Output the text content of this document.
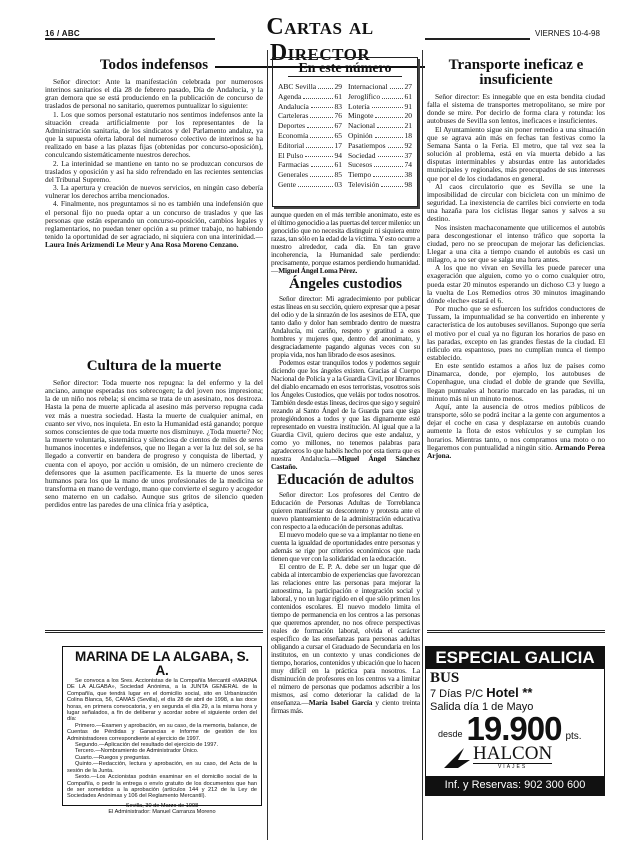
16 / ABC	Cartas al Director
VIERNES 10-4-98
Todos indefensos

Señor director: Ante la manifestación celebrada por numerosos interinos sanitarios el día 28 de febrero pasado, Día de Andalucía, y la gran demora que se está produciendo en la publicación de concurso de traslados de personal no sanitario, queremos puntualizar lo siguiente:

1. Los que somos personal estatutario nos sentimos indefensos ante la situación creada artificialmente por los representantes de la Administración sanitaria, de los sindicatos y del Parlamento andaluz, ya que la supuesta oferta laboral del numeroso colectivo de interinos se ha realizado en base a las plazas fijas (obtenidas por concurso-oposición), conculcando sistemáticamente nuestros derechos.

2. La interinidad se mantiene en tanto no se produzcan concursos de traslados y oposición y así ha sido refrendado en las recientes sentencias del Tribunal Supremo.

3. La apertura y creación de nuevos servicios, en ningún caso debería vulnerar los derechos arriba mencionados.

4. Finalmente, nos preguntamos si no es también una indefensión que el personal fijo no pueda optar a un concurso de traslados y que las personas que están esperando un concurso-oposición, cambios legales y reglamentarios, no puedan tener opción a su primer trabajo, no habiendo tenido la oportunidad de ser agraciado, ni siquiera con una interinidad.—Laura Inés Arizmendi Le Meur y Ana Rosa Moreno Cenzano.

Cultura de la muerte

Señor director: Toda muerte nos repugna: la del enfermo y la del anciano, aunque esperadas nos sobrecogen; la del joven nos impresiona; la de un niño nos rebela; si encima se trata de un asesinato, nos destroza. Hasta la pena de muerte aplicada al asesino más perverso repugna cada vez más a nuestra sociedad. Hasta la muerte de cualquier animal, en cuanto ser vivo, nos inquieta. En esto la Humanidad está ganando; porque somos conscientes de que toda muerte nos disminuye. ¿Toda muerte? No; la muerte voluntaria, sistemática y silenciosa de cientos de miles de seres humanos inocentes e indefensos, que no llegan a ver la luz del sol, se ha llegado a convertir en bandera de progreso y conquista de libertad, y cuenta con el apoyo, por acción u omisión, de un número creciente de defensores que la asumen pacíficamente. Es la muerte de unos seres humanos para los que la mano de unos profesionales de la medicina se transforma en mano de verdugo, mano que convierte el seguro y acogedor seno materno en un cadalso. Aunque sus gritos de silencio queden perdidos entre las paredes de una clínica fría y aséptica,

MARINA DE LA ALGABA, S. A.

Se convoca a los Sres. Accionistas de la Compañía Mercantil «MARINA DE LA ALGABA», Sociedad Anónima, a la JUNTA GENERAL de la Compañía, que tendrá lugar en el domicilio social, sito en Urbanización Colina Blanca, 56, CAMAS (Sevilla), el día 28 de abril de 1998, a las doce horas, en primera convocatoria, y en segunda el día 29, a la misma hora y lugar señalados, a fin de deliberar y acordar sobre el siguiente orden del día:

Primero.—Examen y aprobación, en su caso, de la memoria, balance, de Cuentas de Pérdidas y Ganancias e Informe de gestión de los Administradores correspondiente al ejercicio de 1997.

Segundo.—Aplicación del resultado del ejercicio de 1997.

Tercero.—Nombramiento de Administrador Único.

Cuarto.—Ruegos y preguntas.

Quinto.—Redacción, lectura y aprobación, en su caso, del Acta de la sesión de la Junta.

Sexto.—Los Accionistas podrán examinar en el domicilio social de la Compañía, o pedir la entrega o envío gratuito de los documentos que han de ser sometidos a la aprobación (artículos 144 y 212 de la Ley de Sociedades Anónimas y 106 del Reglamento Mercantil).

Sevilla, 30 de Marzo de 1998

El Administrador: Manuel Carranza Moreno

En este número
ABC Sevilla 29
Agenda	61
Andalucía	83
Carteleras	76
Deportes	67
Economía	65
Editorial	17
El Pulso	94
Farmacias	61
Generales	85
Gente	03
Internacional 27
Jeroglífico	61
Lotería	91
Mingote	20
Nacional	21
Opinión	18
Pasatiempos	92
Sociedad	37
Sucesos	74
Tiempo	38
Televisión	98

aunque queden en el más terrible anonimato, este es el último genocidio a las puertas del tercer milenio: un genocidio que no necesita distinguir ni siquiera entre razas, tan sólo en la edad de la víctima. Y esto ocurre a nuestro alrededor, cada día. En tan grave incoherencia, la Humanidad sale perdiendo: precisamente, porque estamos perdiendo humanidad.—Miguel Ángel Loma Pérez.

Ángeles custodios

Señor director: Mi agradecimiento por publicar estas líneas en su sección, quiero expresar que a pesar del odio y de la sinrazón de los asesinos de ETA, que tanto daño y dolor han sembrado dentro de nuestra Andalucía, mi cariño, respeto y gratitud a esos hombres y mujeres que, dentro del anonimato, y desgraciadamente pagando algunas veces con su propia vida, nos han librado de esos asesinos.

Podemos estar tranquilos todos y podemos seguir diciendo que los ángeles existen. Gracias al Cuerpo Nacional de Policía y a la Guardia Civil, por librarnos del diablo encarnado en esos terroristas, vosotros sois los Ángeles Custodios, que veláis por todos nosotros. También desde estas líneas, deciros que sigo y seguiré rezando al Santo Ángel de la Guarda para que siga protegiéndonos a todos y que las dignamente esté representado en vuestra institución. Al igual que a la Guardia Civil, quiero deciros que este andaluz, y como yo millones, no tenemos palabras para agradeceros lo que habéis hecho por esta tierra que es nuestra Andalucía.—Miguel Ángel Sánchez Castaño.

Educación de adultos

Señor director: Los profesores del Centro de Educación de Personas Adultas de Torreblanca quieren manifestar su descontento y protesta ante el nuevo planteamiento de la administración educativa con respecto a la educación de personas adultas.

El nuevo modelo que se va a implantar no tiene en cuenta la igualdad de oportunidades entre personas y además se rige por criterios económicos que nada tienen que ver con la solidaridad en la educación.

El centro de E. P. A. debe ser un lugar que dé cabida al intercambio de experiencias que favorezcan las relaciones entre las personas para mejorar la autoestima, la participación e integración social y laboral, y no un lugar rígido en el que sólo primen los contenidos escolares. El nuevo modelo limita el tiempo de permanencia en los centros a las personas que queremos aprender, no nos ofrece perspectivas reales de formación laboral, olvida el carácter específico de las enseñanzas para personas adultas obligando a cursar el Graduado de Secundaria en los institutos, en un contexto y unas condiciones de tiempo, horarios, contenidos y ubicación que lo hacen muy difícil en la práctica para nosotros. La disminución de profesores en los centros va a limitar el número de personas que podamos adscribir a los mismos, así como deteriorar la calidad de la enseñanza.—María Isabel García y ciento treinta firmas más.

Transporte ineficaz e insuficiente

Señor director: Es innegable que en esta bendita ciudad falla el sistema de transportes metropolitano, se mire por donde se mire. Por decirlo de forma clara y rotunda: los autobuses de Sevilla son lentos, ineficaces e insuficientes.

El Ayuntamiento sigue sin poner remedio a una situación que se agrava aún más en fechas tan festivas como la Semana Santa o la Feria. El metro, que tal vez sea la solución al problema, está en vía muerta debido a las disputas interminables y absurdas entre las autoridades municipales y regionales, más preocupados de sus intereses que por el de los ciudadanos en general.

Al caos circulatorio que es Sevilla se une la imposibilidad de circular con bicicleta con un mínimo de seguridad. La inexistencia de carriles bici convierte en toda una hazaña para los ciclistas llegar sanos y salvos a su destino.

Nos insisten machaconamente que utilicemos el autobús para descongestionar el intenso tráfico que soporta la ciudad, pero no se preocupan de mejorar las deficiencias. Llegar a una cita a tiempo cuando el autobús es casi un milagro, a no ser que se salga una hora antes.

A los que no vivan en Sevilla les puede parecer una exageración que alguien, como yo o como cualquier otro, pueda estar 20 minutos esperando un dichoso C3 y luego a la vuelta de Los Remedios otros 30 minutos imaginando dónde «leche» estará el 6.

Por mucho que se esfuercen los sufridos conductores de Tussam, la impuntualidad se ha convertido en inherente y característica de los autobuses sevillanos. Supongo que sería el motivo por el cual ya no figuran los horarios de paso en las paradas, excepto en las grandes fiestas de la ciudad. El ridículo era espantoso, pues no cumplían nunca el tiempo establecido.

En este sentido estamos a años luz de países como Dinamarca, donde, por ejemplo, los autobuses de Copenhague, una ciudad el doble de grande que Sevilla, llegan puntuales al horario marcado en las paradas, ni un minuto más ni un minuto menos.

Aquí, ante la ausencia de otros medios públicos de transporte, sólo se podrá incitar a la gente con argumentos a dejar el coche en casa y desplazarse en autobús cuando aumente la flota de estos vehículos y se cumplan los horarios. Mientras tanto, o nos compramos una moto o no llegaremos con puntualidad a ningún sitio. Armando Perea Arjona.

ESPECIAL GALICIA
BUS
7 Días P/C Hotel **
Salida día 1 de Mayo
desde 19.900 pts.
HALCON
VIAJES
Inf. y Reservas: 902 300 600
